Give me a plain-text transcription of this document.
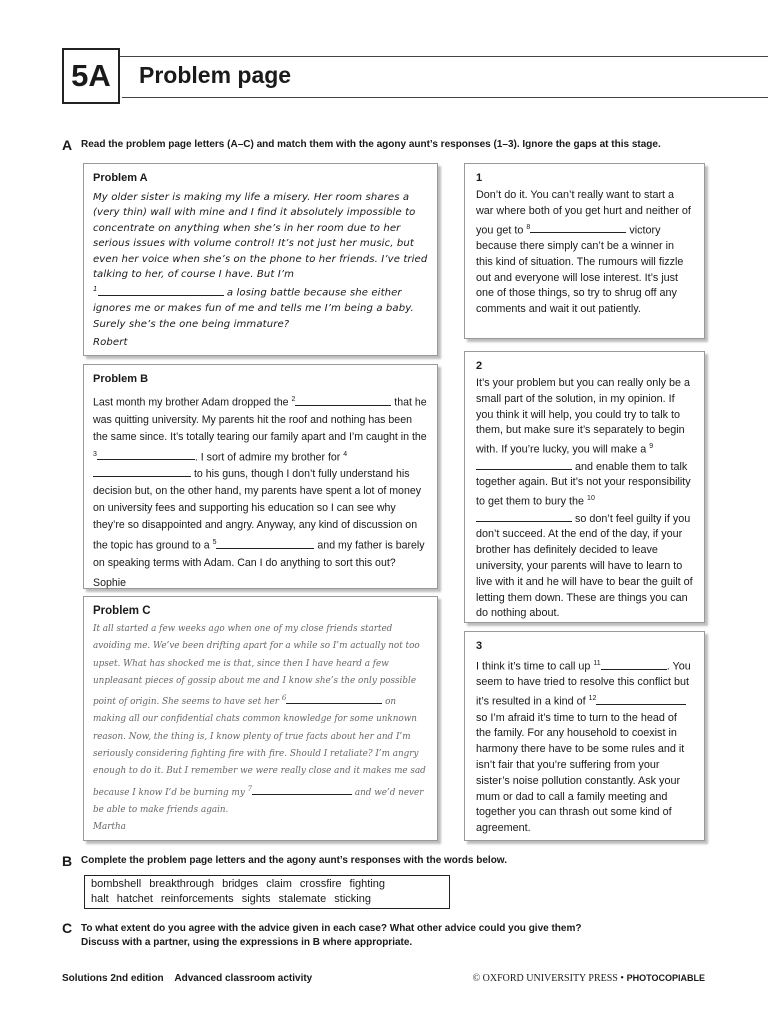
5A	Problem page
A Read the problem page letters (A–C) and match them with the agony aunt’s responses (1–3). Ignore the gaps at this stage.
Problem A
My older sister is making my life a misery. Her room shares a (very thin) wall with mine and I find it absolutely impossible to concentrate on anything when she’s in her room due to her serious issues with volume control! It’s not just her music, but even her voice when she’s on the phone to her friends. I’ve tried talking to her, of course I have. But I’m
$^1$	a losing battle because she either ignores me or makes fun of me and tells me I’m being a baby. Surely she’s the one being immature?
Robert
Problem B
Last month my brother Adam dropped the $^2$	that he was quitting university. My parents hit the roof and nothing has been the same since. It’s totally tearing our family apart and I’m caught in the $^3$	. I sort of admire my brother for $^4$ to his guns, though I don’t fully understand his decision but, on the other hand, my parents have spent a lot of money on university fees and supporting his education so I can see why they’re so disappointed and angry. Anyway, any kind of discussion on the topic has ground to a $^5$	and my father is barely on speaking terms with Adam. Can I do anything to sort this out?
Sophie
Problem C
It all started a few weeks ago when one of my close friends started avoiding me. We’ve been drifting apart for a while so I’m actually not too upset. What has shocked me is that, since then I have heard a few unpleasant pieces of gossip about me and I know she’s the only possible point of origin. She seems to have set her $^6$	on making all our confidential chats common knowledge for some unknown reason. Now, the thing is, I know plenty of true facts about her and I’m seriously considering fighting fire with fire. Should I retaliate? I’m angry enough to do it. But I remember we were really close and it makes me sad because I know I’d be burning my $^7$	and we’d never be able to make friends again.
Martha
1
Don’t do it. You can’t really want to start a war where both of you get hurt and neither of you get to $^8$	victory because there simply can’t be a winner in this kind of situation. The rumours will fizzle out and everyone will lose interest. It’s just one of those things, so try to shrug off any comments and wait it out patiently.
2
It’s your problem but you can really only be a small part of the solution, in my opinion. If you think it will help, you could try to talk to them, but make sure it’s separately to begin with. If you’re lucky, you will make a $^9$ and enable them to talk together again. But it’s not your responsibility to get them to bury the $^{10}$
so don’t feel guilty if you don’t succeed. At the end of the day, if your brother has definitely decided to leave university, your parents will have to learn to live with it and he will have to bear the guilt of letting them down. These are things you can do nothing about.
3
I think it’s time to call up $^{11}$	. You seem to have tried to resolve this conflict but it’s resulted in a kind of $^{12}$ so I’m afraid it’s time to turn to the head of the family. For any household to coexist in harmony there have to be some rules and it isn’t fair that you’re suffering from your sister’s noise pollution constantly. Ask your mum or dad to call a family meeting and together you can thrash out some kind of agreement.
B Complete the problem page letters and the agony aunt’s responses with the words below.
bombshell breakthrough bridges claim crossfire fighting
halt hatchet reinforcements sights stalemate sticking
C To what extent do you agree with the advice given in each case? What other advice could you give them?
Discuss with a partner, using the expressions in B where appropriate.
Solutions 2nd edition    Advanced classroom activity	© OXFORD UNIVERSITY PRESS • PHOTOCOPIABLE
